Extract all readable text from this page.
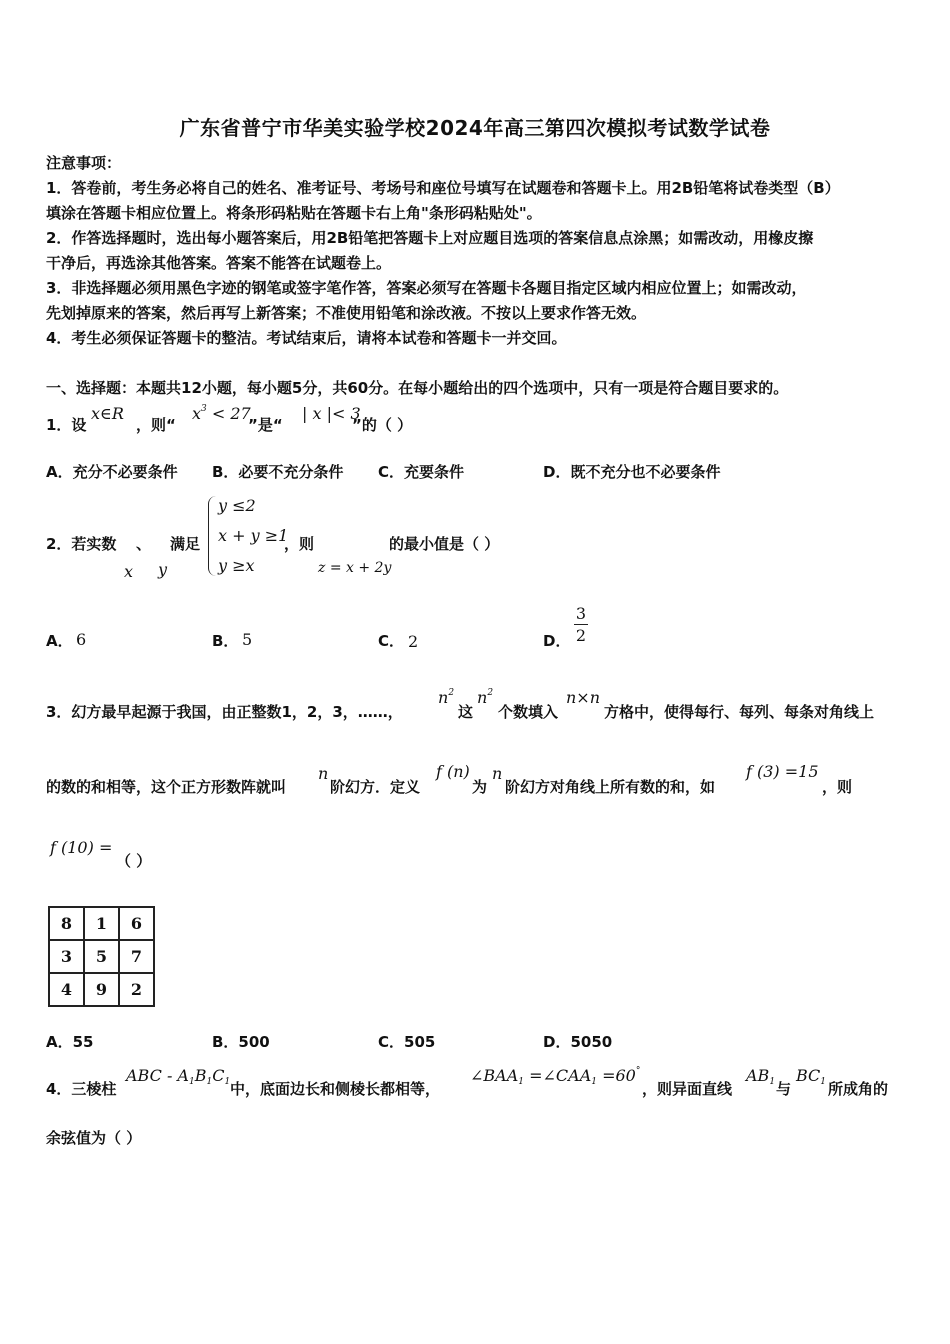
广东省普宁市华美实验学校2024年高三第四次模拟考试数学试卷
注意事项：
1．答卷前，考生务必将自己的姓名、准考证号、考场号和座位号填写在试题卷和答题卡上。用2B铅笔将试卷类型（B）
填涂在答题卡相应位置上。将条形码粘贴在答题卡右上角"条形码粘贴处"。
2．作答选择题时，选出每小题答案后，用2B铅笔把答题卡上对应题目选项的答案信息点涂黑；如需改动，用橡皮擦
干净后，再选涂其他答案。答案不能答在试题卷上。
3．非选择题必须用黑色字迹的钢笔或签字笔作答，答案必须写在答题卡各题目指定区域内相应位置上；如需改动，
先划掉原来的答案，然后再写上新答案；不准使用铅笔和涂改液。不按以上要求作答无效。
4．考生必须保证答题卡的整洁。考试结束后，请将本试卷和答题卡一并交回。
一、选择题：本题共12小题，每小题5分，共60分。在每小题给出的四个选项中，只有一项是符合题目要求的。
1．设
x∈R
，则“
$x^3 < 27$
”是“
| x |< 3
”的（ ）
A．充分不必要条件 B．必要不充分条件 C．充要条件	D．既不充分也不必要条件
2．若实数 、 满足
x y
y ≤2
x + y ≥1
y ≥x
，则
z = x + 2y
的最小值是（ ）
A． 6	B． 5	C． 2	D．
3
2
3．幻方最早起源于我国，由正整数1，2，3，……，
$n^2$
这
$n^2$
个数填入
n×n
方格中，使得每行、每列、每条对角线上
的数的和相等，这个正方形数阵就叫
n
阶幻方．定义
f (n)
为
n
阶幻方对角线上所有数的和，如
f (3) =15
，则
f (10) =
（ ）
8	1	6
3	5	7
4	9	2
A．55	B．500	C．505	D．5050
4．三棱柱
ABC - A1B1C1 中，底面边长和侧棱长都相等，
∠BAA1 =∠CAA1 =60°
，则异面直线
AB1 与
BC1 所成角的
余弦值为（ ）
